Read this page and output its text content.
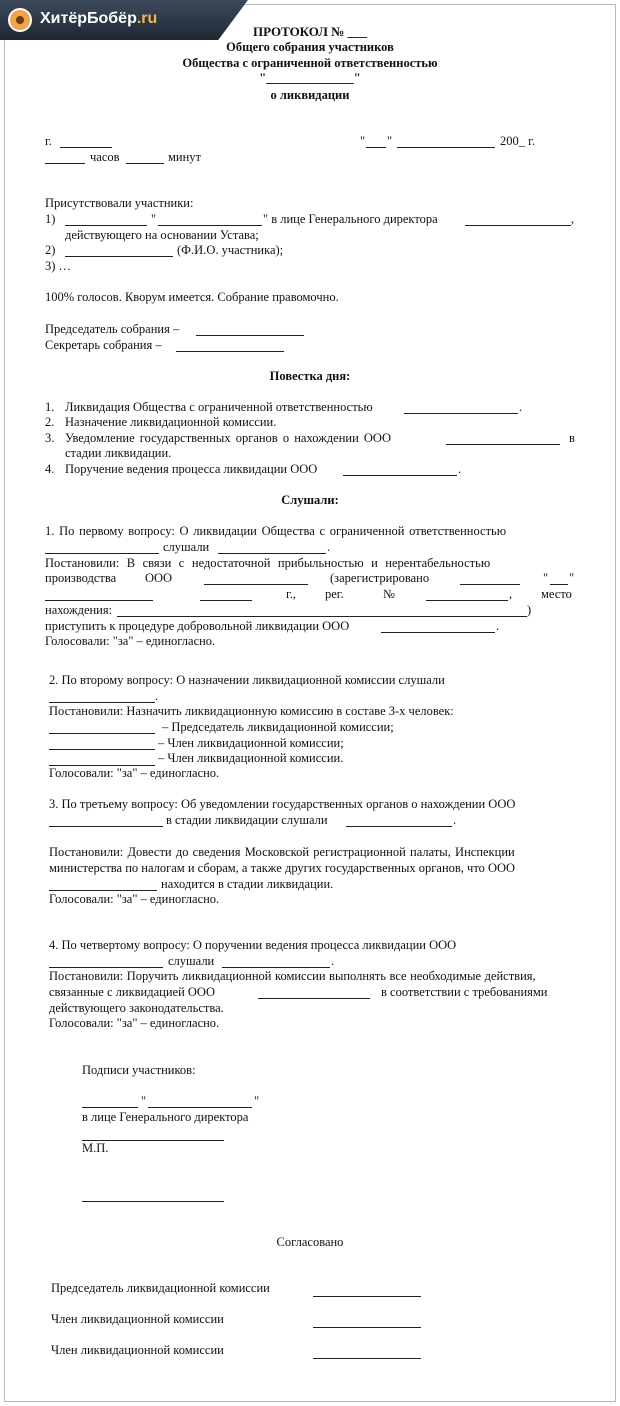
ХитёрБобёр.ru
ПРОТОКОЛ № ___
Общего собрания участников
Общества с ограниченной ответственностью
"______________"
о ликвидации
г.	" "	200_ г.
часов	минут
Присутствовали участники:
1)	"	" в лице Генерального директора	,
действующего на основании Устава;
2)	(Ф.И.О. участника);
3) …
100% голосов. Кворум имеется. Собрание правомочно.
Председатель собрания –
Секретарь собрания –
Повестка дня:
1. Ликвидация Общества с ограниченной ответственностью	.
2. Назначение ликвидационной комиссии.
3. Уведомление государственных органов о нахождении ООО	в
стадии ликвидации.
4. Поручение ведения процесса ликвидации ООО	.
Слушали:
1. По первому вопросу: О ликвидации Общества с ограниченной ответственностью
слушали	.
Постановили: В связи с недостаточной прибыльностью и нерентабельностью
производства ООО	(зарегистрировано	" "
г., рег.	№	, место
нахождения:	)
приступить к процедуре добровольной ликвидации ООО	.
Голосовали: "за" – единогласно.
2. По второму вопросу: О назначении ликвидационной комиссии слушали
.
Постановили: Назначить ликвидационную комиссию в составе 3-х человек:
– Председатель ликвидационной комиссии;
– Член ликвидационной комиссии;
– Член ликвидационной комиссии.
Голосовали: "за" – единогласно.
3. По третьему вопросу: Об уведомлении государственных органов о нахождении ООО
в стадии ликвидации слушали	.
Постановили: Довести до сведения Московской регистрационной палаты, Инспекции
министерства по налогам и сборам, а также других государственных органов, что ООО
находится в стадии ликвидации.
Голосовали: "за" – единогласно.
4. По четвертому вопросу: О поручении ведения процесса ликвидации ООО
слушали	.
Постановили: Поручить ликвидационной комиссии выполнять все необходимые действия,
связанные с ликвидацией ООО	в соответствии с требованиями
действующего законодательства.
Голосовали: "за" – единогласно.
Подписи участников:
"	"
в лице Генерального директора
М.П.
Согласовано
Председатель ликвидационной комиссии
Член ликвидационной комиссии
Член ликвидационной комиссии
